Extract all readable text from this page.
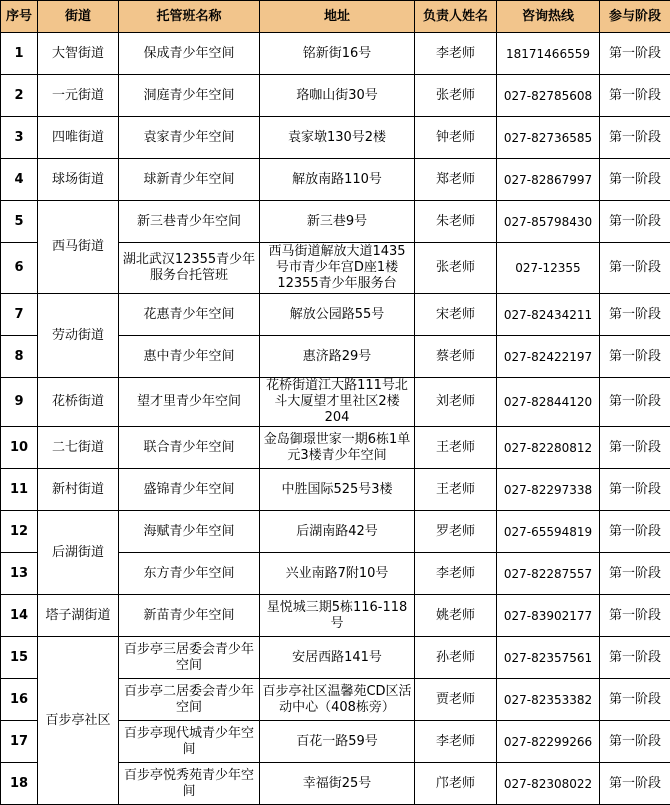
序号	街道	托管班名称	地址	负责人姓名	咨询热线	参与阶段
1	大智街道	保成青少年空间	铭新街16号	李老师	18171466559	第一阶段
2	一元街道	洞庭青少年空间	珞咖山街30号	张老师	027-82785608	第一阶段
3	四唯街道	袁家青少年空间	袁家墩130号2楼	钟老师	027-82736585	第一阶段
4	球场街道	球新青少年空间	解放南路110号	郑老师	027-82867997	第一阶段
5	西马街道	新三巷青少年空间	新三巷9号	朱老师	027-85798430	第一阶段
6		湖北武汉12355青少年服务台托管班	西马街道解放大道1435号市青少年宫D座1楼12355青少年服务台	张老师	027-12355	第一阶段
7	劳动街道	花惠青少年空间	解放公园路55号	宋老师	027-82434211	第一阶段
8		惠中青少年空间	惠济路29号	蔡老师	027-82422197	第一阶段
9	花桥街道	望才里青少年空间	花桥街道江大路111号北斗大厦望才里社区2楼204	刘老师	027-82844120	第一阶段
10	二七街道	联合青少年空间	金岛御璟世家一期6栋1单元3楼青少年空间	王老师	027-82280812	第一阶段
11	新村街道	盛锦青少年空间	中胜国际525号3楼	王老师	027-82297338	第一阶段
12	后湖街道	海赋青少年空间	后湖南路42号	罗老师	027-65594819	第一阶段
13		东方青少年空间	兴业南路7附10号	李老师	027-82287557	第一阶段
14	塔子湖街道	新苗青少年空间	星悦城三期5栋116-118号	姚老师	027-83902177	第一阶段
15	百步亭社区	百步亭三居委会青少年空间	安居西路141号	孙老师	027-82357561	第一阶段
16		百步亭二居委会青少年空间	百步亭社区温馨苑CD区活动中心（408栋旁）	贾老师	027-82353382	第一阶段
17		百步亭现代城青少年空间	百花一路59号	李老师	027-82299266	第一阶段
18		百步亭悦秀苑青少年空间	幸福街25号	邝老师	027-82308022	第一阶段
